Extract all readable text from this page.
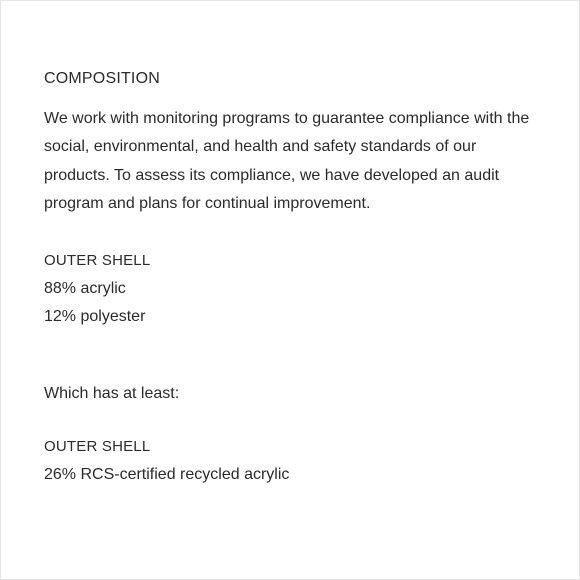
COMPOSITION
We work with monitoring programs to guarantee compliance with the social, environmental, and health and safety standards of our products. To assess its compliance, we have developed an audit program and plans for continual improvement.
OUTER SHELL
88% acrylic
12% polyester
Which has at least:
OUTER SHELL
26% RCS-certified recycled acrylic
